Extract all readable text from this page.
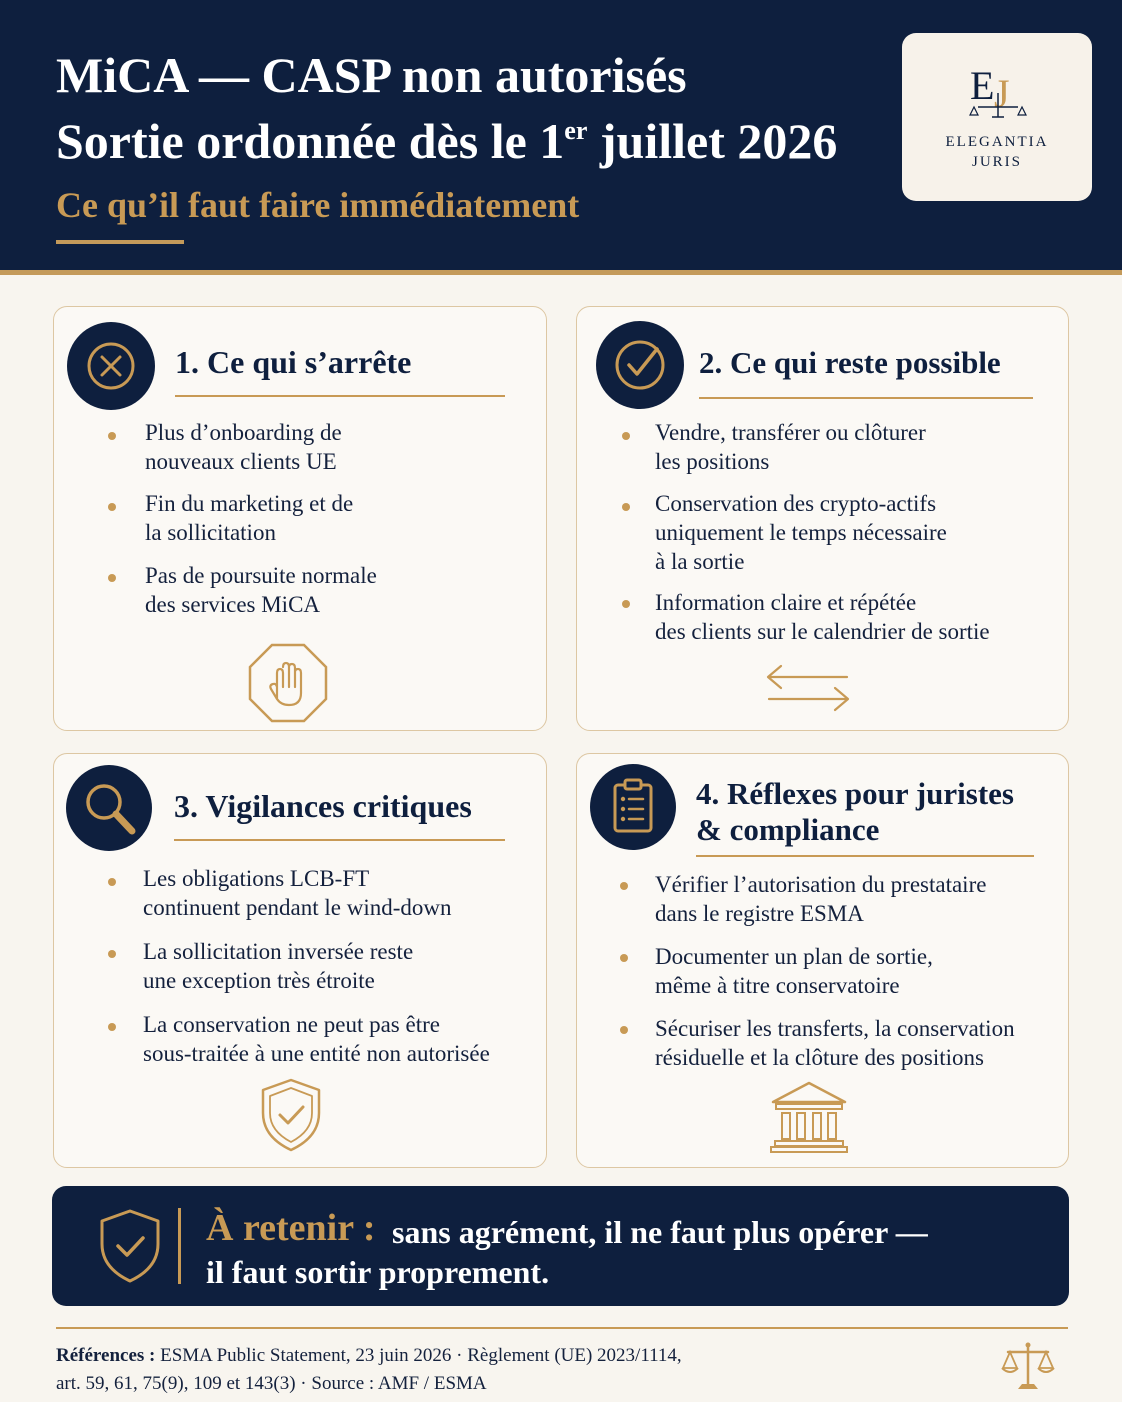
MiCA — CASP non autorisés
Sortie ordonnée dès le 1er juillet 2026
Ce qu’il faut faire immédiatement
E J
ELEGANTIA
JURIS
1. Ce qui s’arrête
Plus d’onboarding de
nouveaux clients UE
Fin du marketing et de
la sollicitation
Pas de poursuite normale
des services MiCA
2. Ce qui reste possible
Vendre, transférer ou clôturer
les positions
Conservation des crypto-actifs
uniquement le temps nécessaire
à la sortie
Information claire et répétée
des clients sur le calendrier de sortie
3. Vigilances critiques
Les obligations LCB-FT
continuent pendant le wind-down
La sollicitation inversée reste
une exception très étroite
La conservation ne peut pas être
sous-traitée à une entité non autorisée
4. Réflexes pour juristes
& compliance
Vérifier l’autorisation du prestataire
dans le registre ESMA
Documenter un plan de sortie,
même à titre conservatoire
Sécuriser les transferts, la conservation
résiduelle et la clôture des positions
À retenir : sans agrément, il ne faut plus opérer —
il faut sortir proprement.
Références : ESMA Public Statement, 23 juin 2026 · Règlement (UE) 2023/1114,
art. 59, 61, 75(9), 109 et 143(3) · Source : AMF / ESMA
